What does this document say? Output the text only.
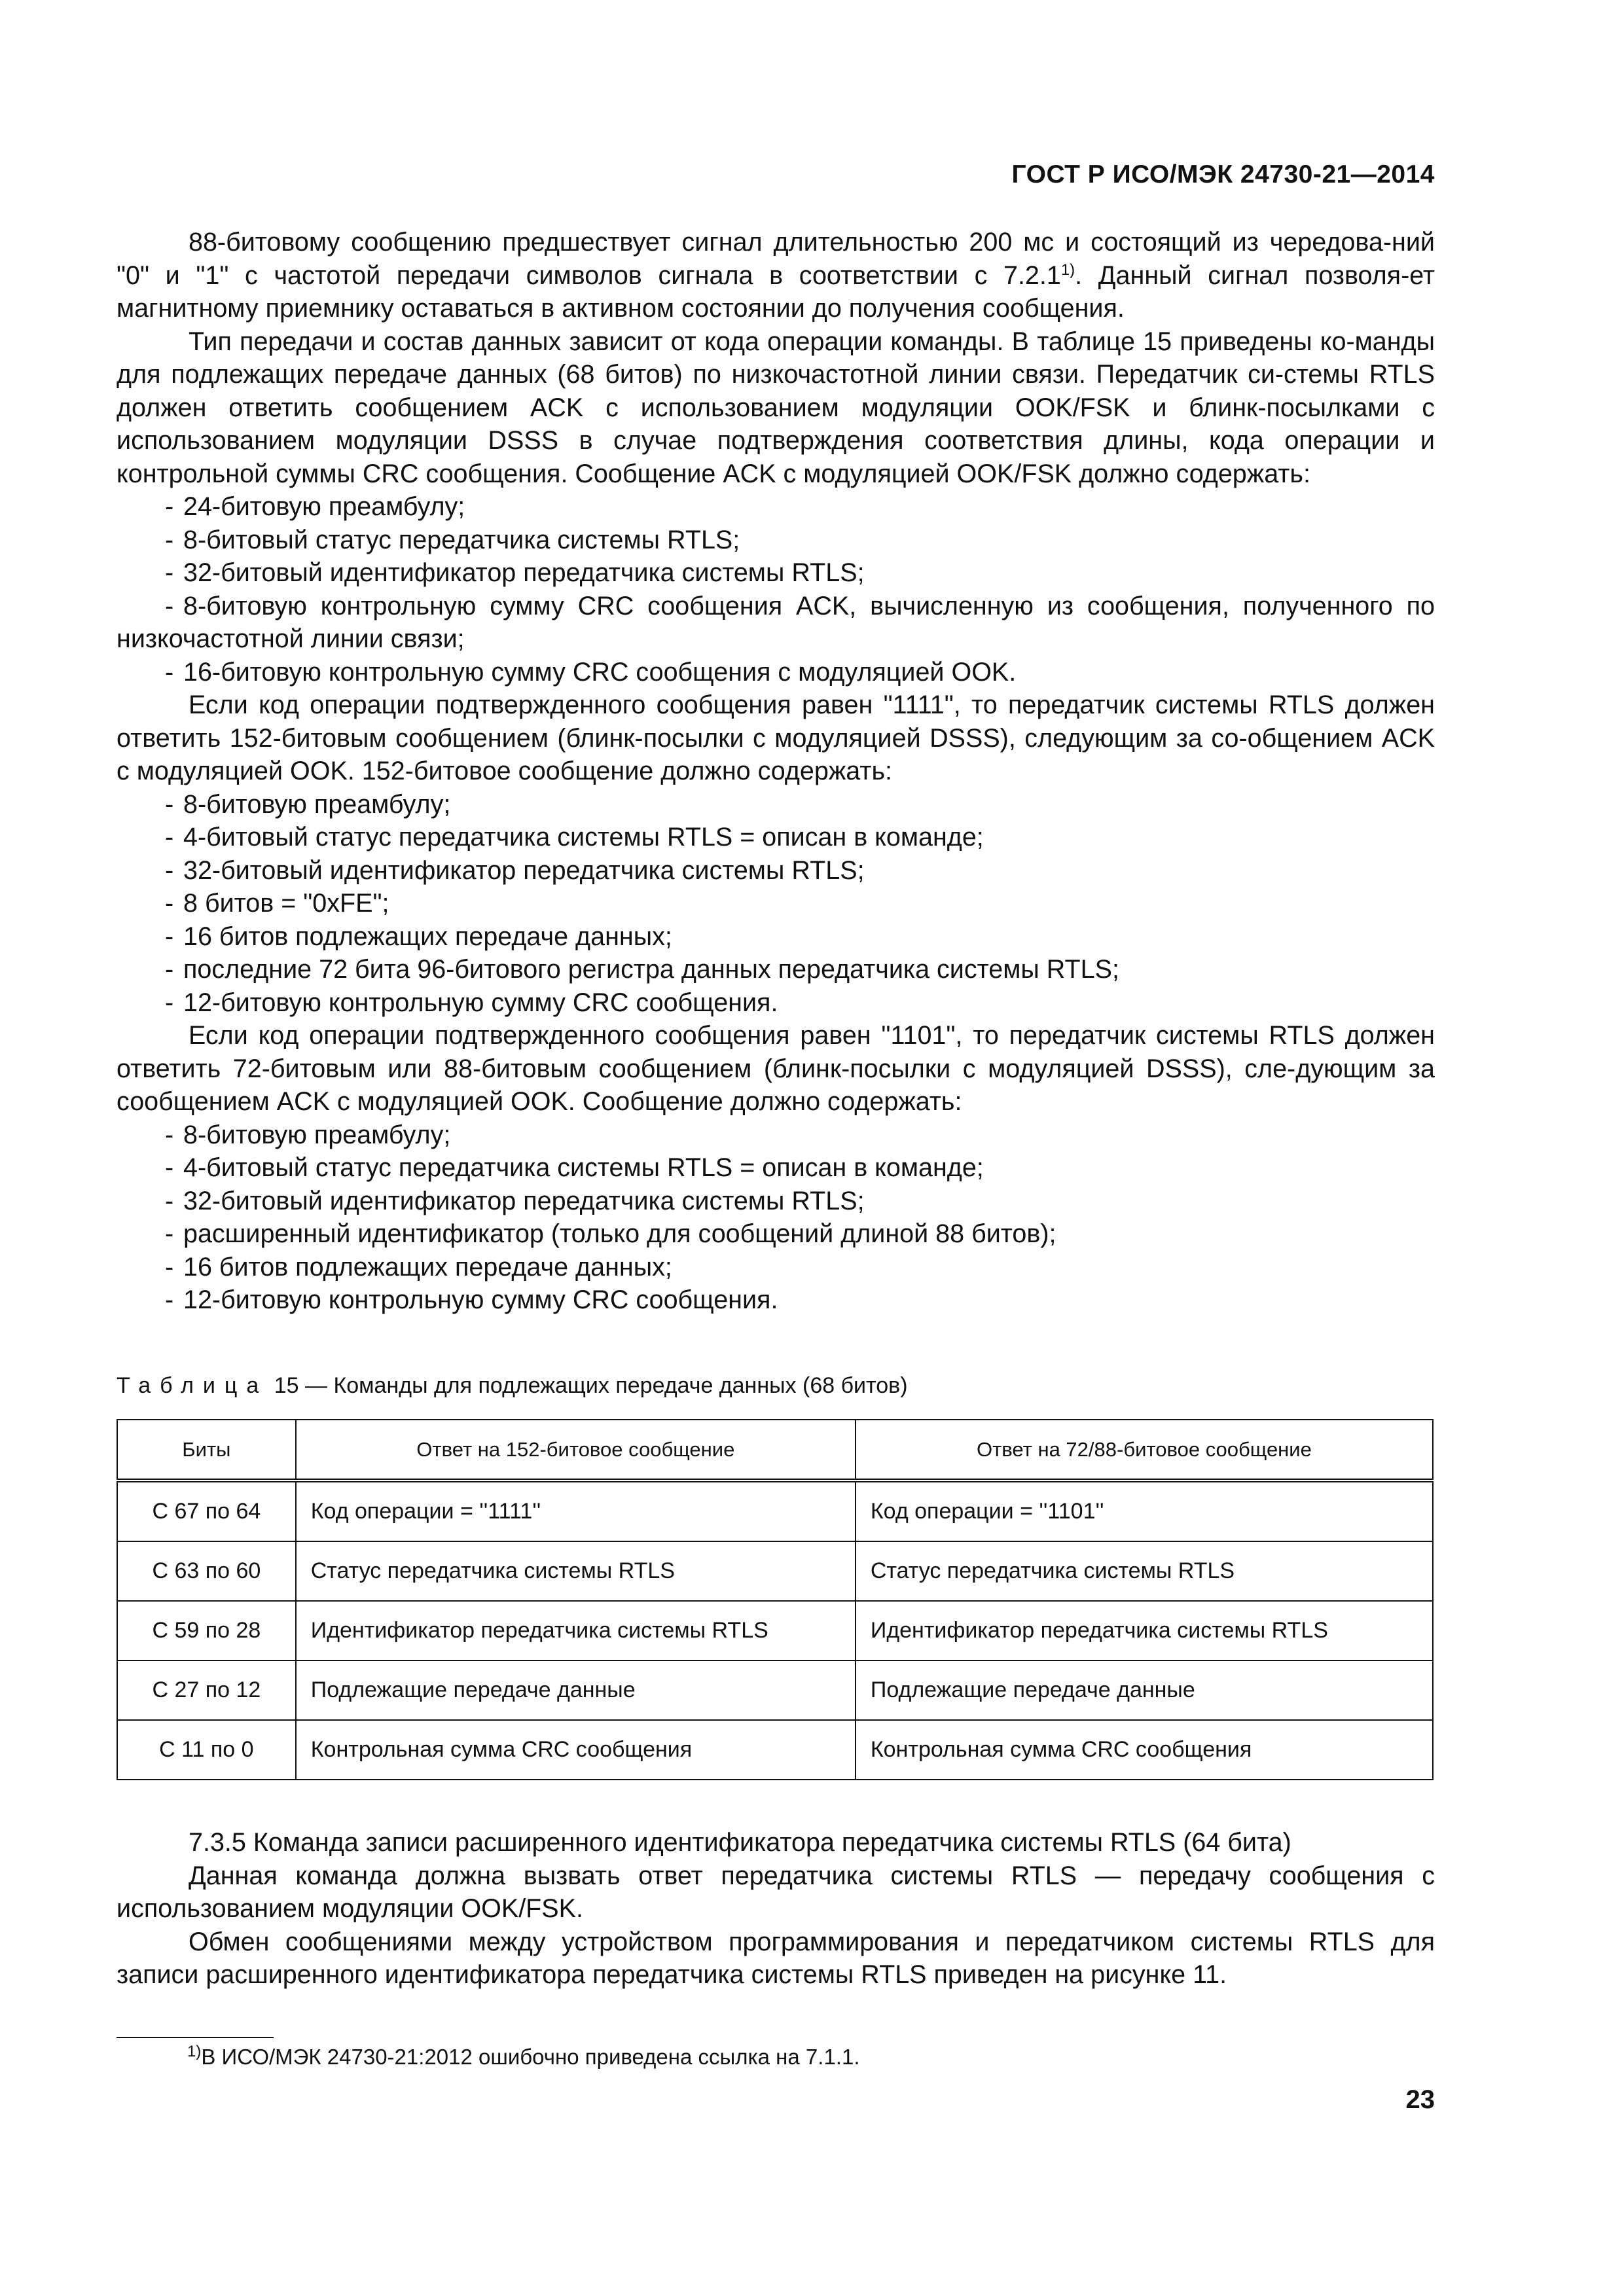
ГОСТ Р ИСО/МЭК 24730-21—2014

88-битовому сообщению предшествует сигнал длительностью 200 мс и состоящий из чередова-ний "0" и "1" с частотой передачи символов сигнала в соответствии с 7.2.1$^{1)}$. Данный сигнал позволя-ет магнитному приемнику оставаться в активном состоянии до получения сообщения.

Тип передачи и состав данных зависит от кода операции команды. В таблице 15 приведены ко-манды для подлежащих передаче данных (68 битов) по низкочастотной линии связи. Передатчик си-стемы RTLS должен ответить сообщением ACK с использованием модуляции OOK/FSK и блинк-посылками с использованием модуляции DSSS в случае подтверждения соответствия длины, кода операции и контрольной суммы CRC сообщения. Сообщение ACK с модуляцией OOK/FSK должно содержать:

- 24-битовую преамбулу;

- 8-битовый статус передатчика системы RTLS;

- 32-битовый идентификатор передатчика системы RTLS;

- 8-битовую контрольную сумму CRC сообщения ACK, вычисленную из сообщения, полученного по низкочастотной линии связи;

- 16-битовую контрольную сумму CRC сообщения с модуляцией OOK.

Если код операции подтвержденного сообщения равен "1111", то передатчик системы RTLS должен ответить 152-битовым сообщением (блинк-посылки с модуляцией DSSS), следующим за со-общением ACK с модуляцией OOK. 152-битовое сообщение должно содержать:

- 8-битовую преамбулу;

- 4-битовый статус передатчика системы RTLS = описан в команде;

- 32-битовый идентификатор передатчика системы RTLS;

- 8 битов = "0xFE";

- 16 битов подлежащих передаче данных;

- последние 72 бита 96-битового регистра данных передатчика системы RTLS;

- 12-битовую контрольную сумму CRC сообщения.

Если код операции подтвержденного сообщения равен "1101", то передатчик системы RTLS должен ответить 72-битовым или 88-битовым сообщением (блинк-посылки с модуляцией DSSS), сле-дующим за сообщением ACK с модуляцией OOK. Сообщение должно содержать:

- 8-битовую преамбулу;

- 4-битовый статус передатчика системы RTLS = описан в команде;

- 32-битовый идентификатор передатчика системы RTLS;

- расширенный идентификатор (только для сообщений длиной 88 битов);

- 16 битов подлежащих передаче данных;

- 12-битовую контрольную сумму CRC сообщения.

Таблица 15 — Команды для подлежащих передаче данных (68 битов)
Биты	Ответ на 152-битовое сообщение	Ответ на 72/88-битовое сообщение
С 67 по 64	Код операции = ''1111''	Код операции = ''1101''
С 63 по 60	Статус передатчика системы RTLS	Статус передатчика системы RTLS
С 59 по 28	Идентификатор передатчика системы RTLS	Идентификатор передатчика системы RTLS
С 27 по 12	Подлежащие передаче данные	Подлежащие передаче данные
С 11 по 0	Контрольная сумма CRC сообщения	Контрольная сумма CRC сообщения

7.3.5 Команда записи расширенного идентификатора передатчика системы RTLS (64 бита)

Данная команда должна вызвать ответ передатчика системы RTLS — передачу сообщения с использованием модуляции OOK/FSK.

Обмен сообщениями между устройством программирования и передатчиком системы RTLS для записи расширенного идентификатора передатчика системы RTLS приведен на рисунке 11.

$^{1)}$В ИСО/МЭК 24730-21:2012 ошибочно приведена ссылка на 7.1.1.
23
